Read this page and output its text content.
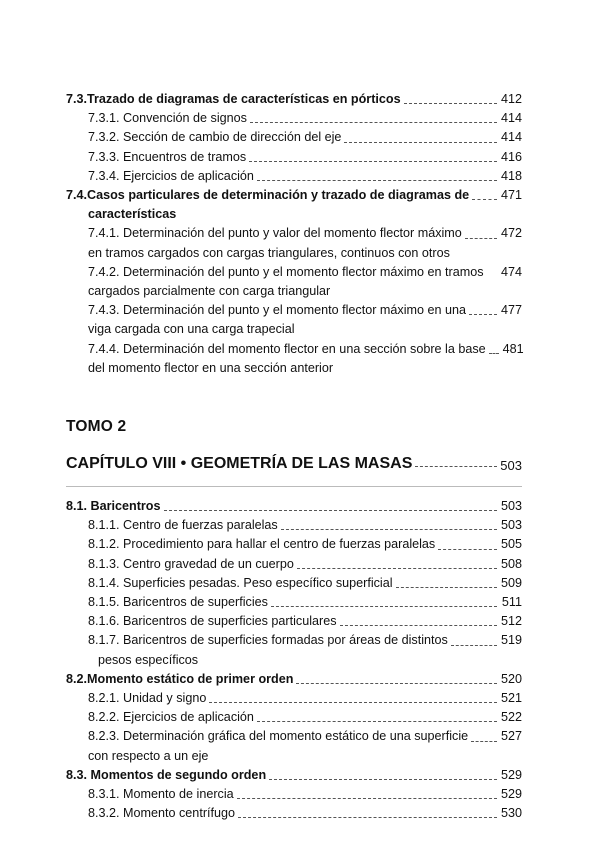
7.3.Trazado de diagramas de características en pórticos	412
7.3.1. Convención de signos	414
7.3.2. Sección de cambio de dirección del eje	414
7.3.3. Encuentros de tramos	416
7.3.4. Ejercicios de aplicación	418
7.4.Casos particulares de determinación y trazado de diagramas de	471
características
7.4.1. Determinación del punto y valor del momento flector máximo	472
en tramos cargados con cargas triangulares, continuos con otros
7.4.2. Determinación del punto y el momento flector máximo en tramos 474
cargados parcialmente con carga triangular
7.4.3. Determinación del punto y el momento flector máximo en una	477
viga cargada con una carga trapecial
7.4.4. Determinación del momento flector en una sección sobre la base 481
del momento flector en una sección anterior
TOMO 2
CAPÍTULO VIII • GEOMETRÍA DE LAS MASAS	503
8.1. Baricentros	503
8.1.1. Centro de fuerzas paralelas	503
8.1.2. Procedimiento para hallar el centro de fuerzas paralelas	505
8.1.3. Centro gravedad de un cuerpo	508
8.1.4. Superficies pesadas. Peso específico superficial	509
8.1.5. Baricentros de superficies	511
8.1.6. Baricentros de superficies particulares	512
8.1.7. Baricentros de superficies formadas por áreas de distintos	519
pesos específicos
8.2.Momento estático de primer orden	520
8.2.1. Unidad y signo	521
8.2.2. Ejercicios de aplicación	522
8.2.3. Determinación gráfica del momento estático de una superficie	527
con respecto a un eje
8.3. Momentos de segundo orden	529
8.3.1. Momento de inercia	529
8.3.2. Momento centrífugo	530
